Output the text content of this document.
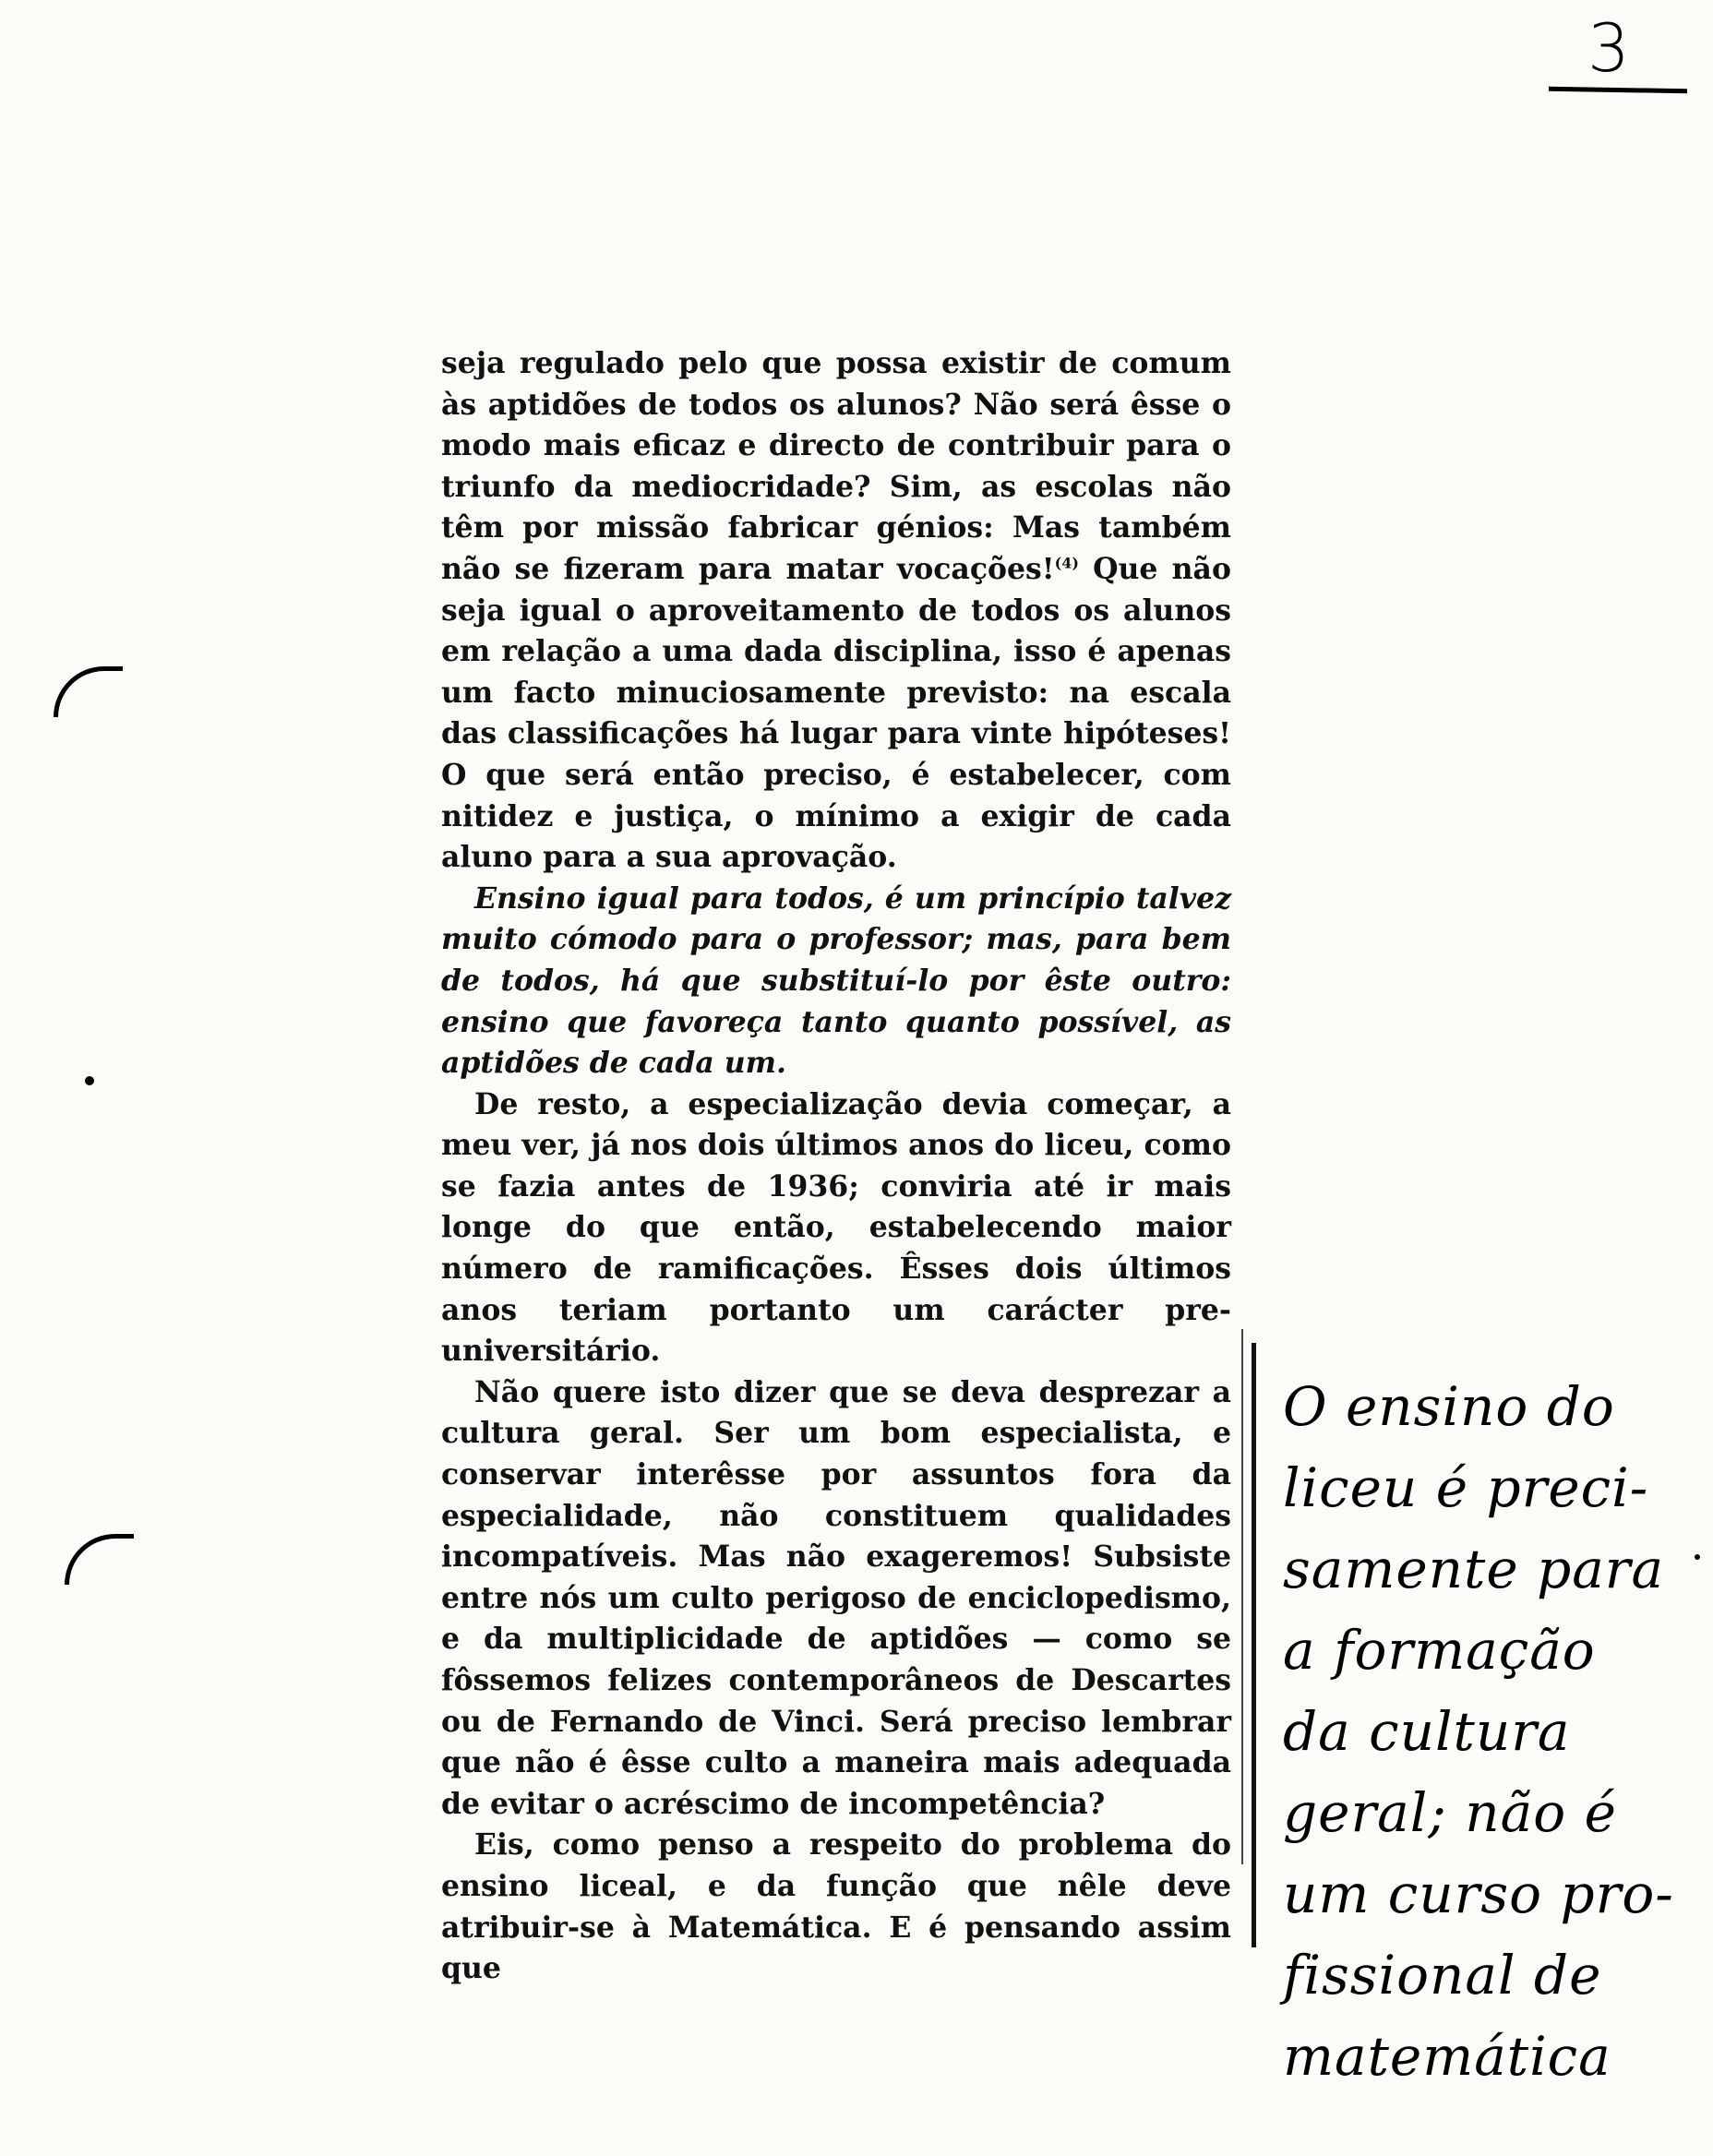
3

seja regulado pelo que possa existir de comum às aptidões de todos os alunos? Não será êsse o modo mais eficaz e directo de contribuir para o triunfo da mediocridade? Sim, as escolas não têm por missão fabricar génios: Mas também não se fizeram para matar vocações!$^{(4)}$ Que não seja igual o aproveitamento de todos os alunos em relação a uma dada disciplina, isso é apenas um facto minuciosamente previsto: na escala das classificações há lugar para vinte hipóteses! O que será então preciso, é estabelecer, com nitidez e justiça, o mínimo a exigir de cada aluno para a sua aprovação.

Ensino igual para todos, é um princípio talvez muito cómodo para o professor; mas, para bem de todos, há que substituí-lo por êste outro: ensino que favoreça tanto quanto possível, as aptidões de cada um.

De resto, a especialização devia começar, a meu ver, já nos dois últimos anos do liceu, como se fazia antes de 1936; conviria até ir mais longe do que então, estabelecendo maior número de ramificações. Êsses dois últimos anos teriam portanto um carácter pre-universitário.

Não quere isto dizer que se deva desprezar a cultura geral. Ser um bom especialista, e conservar interêsse por assuntos fora da especialidade, não constituem qualidades incompatíveis. Mas não exageremos! Subsiste entre nós um culto perigoso de enciclopedismo, e da multiplicidade de aptidões — como se fôssemos felizes contemporâneos de Descartes ou de Fernando de Vinci. Será preciso lembrar que não é êsse culto a maneira mais adequada de evitar o acréscimo de incompetência?

Eis, como penso a respeito do problema do ensino liceal, e da função que nêle deve atribuir-se à Matemática. E é pensando assim que

O ensino do
liceu é preci-
samente para
a formação
da cultura
geral; não é
um curso pro-
fissional de
matemática
